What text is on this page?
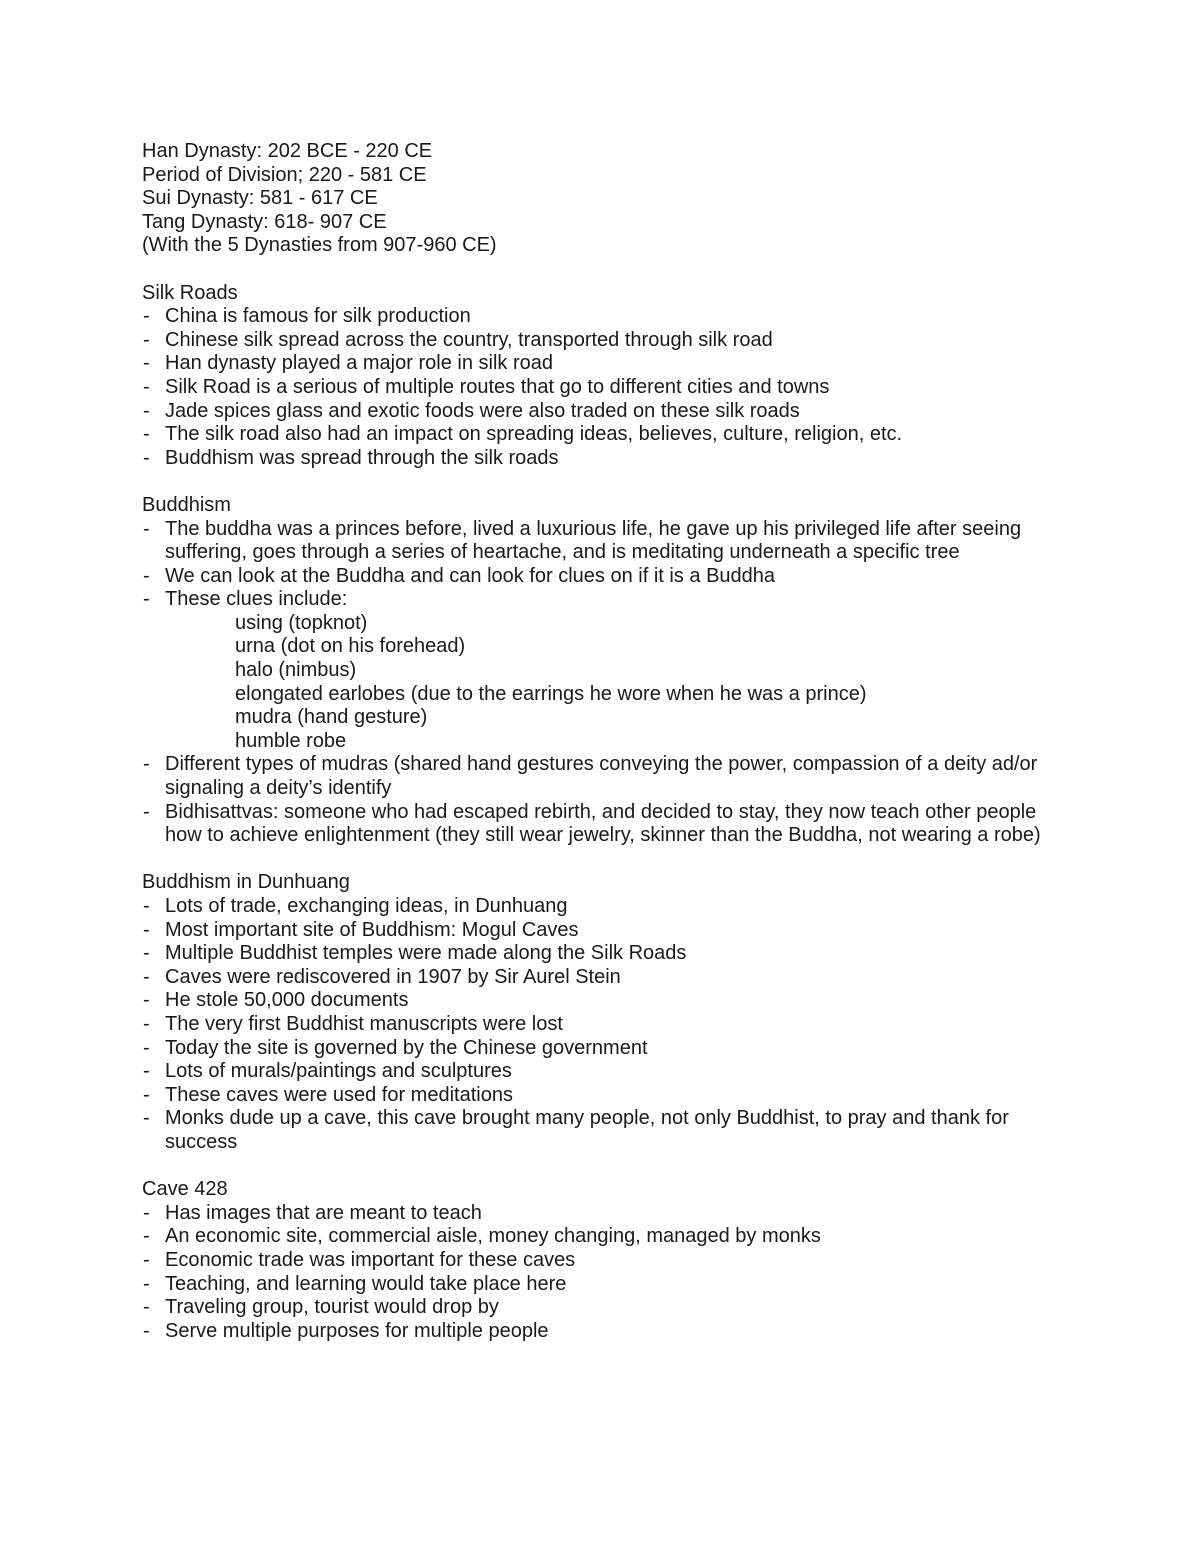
Han Dynasty: 202 BCE - 220 CE

Period of Division; 220 - 581 CE

Sui Dynasty: 581 - 617 CE

Tang Dynasty: 618- 907 CE

(With the 5 Dynasties from 907-960 CE)

Silk Roads

- China is famous for silk production
- Chinese silk spread across the country, transported through silk road
- Han dynasty played a major role in silk road
- Silk Road is a serious of multiple routes that go to different cities and towns
- Jade spices glass and exotic foods were also traded on these silk roads
- The silk road also had an impact on spreading ideas, believes, culture, religion, etc.
- Buddhism was spread through the silk roads

Buddhism

- The buddha was a princes before, lived a luxurious life, he gave up his privileged life after seeing suffering, goes through a series of heartache, and is meditating underneath a specific tree
- We can look at the Buddha and can look for clues on if it is a Buddha
- These clues include:
using (topknot)
urna (dot on his forehead)
halo (nimbus)
elongated earlobes (due to the earrings he wore when he was a prince)
mudra (hand gesture)
humble robe
- Different types of mudras (shared hand gestures conveying the power, compassion of a deity ad/or signaling a deity’s identify
- Bidhisattvas: someone who had escaped rebirth, and decided to stay, they now teach other people how to achieve enlightenment (they still wear jewelry, skinner than the Buddha, not wearing a robe)

Buddhism in Dunhuang

- Lots of trade, exchanging ideas, in Dunhuang
- Most important site of Buddhism: Mogul Caves
- Multiple Buddhist temples were made along the Silk Roads
- Caves were rediscovered in 1907 by Sir Aurel Stein
- He stole 50,000 documents
- The very first Buddhist manuscripts were lost
- Today the site is governed by the Chinese government
- Lots of murals/paintings and sculptures
- These caves were used for meditations
- Monks dude up a cave, this cave brought many people, not only Buddhist, to pray and thank for success

Cave 428

- Has images that are meant to teach
- An economic site, commercial aisle, money changing, managed by monks
- Economic trade was important for these caves
- Teaching, and learning would take place here
- Traveling group, tourist would drop by
- Serve multiple purposes for multiple people
